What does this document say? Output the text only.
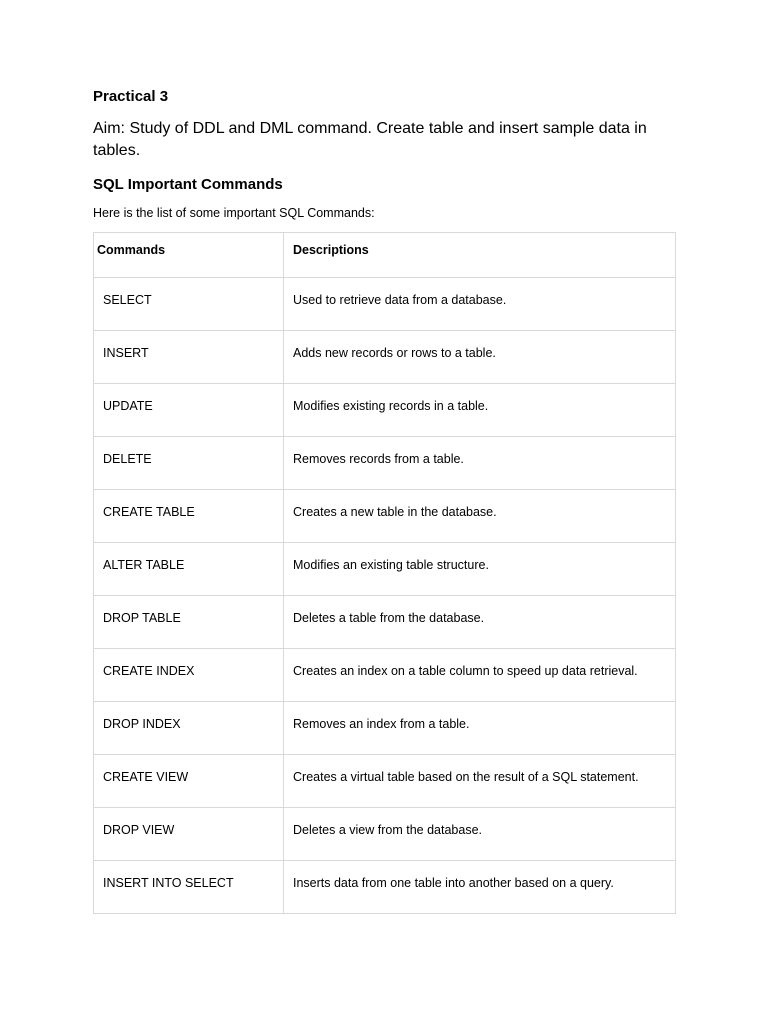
Practical 3

Aim: Study of DDL and DML command. Create table and insert sample data in tables.

SQL Important Commands

Here is the list of some important SQL Commands:

Commands	Descriptions
SELECT	Used to retrieve data from a database.
INSERT	Adds new records or rows to a table.
UPDATE	Modifies existing records in a table.
DELETE	Removes records from a table.
CREATE TABLE	Creates a new table in the database.
ALTER TABLE	Modifies an existing table structure.
DROP TABLE	Deletes a table from the database.
CREATE INDEX	Creates an index on a table column to speed up data retrieval.
DROP INDEX	Removes an index from a table.
CREATE VIEW	Creates a virtual table based on the result of a SQL statement.
DROP VIEW	Deletes a view from the database.
INSERT INTO SELECT	Inserts data from one table into another based on a query.
